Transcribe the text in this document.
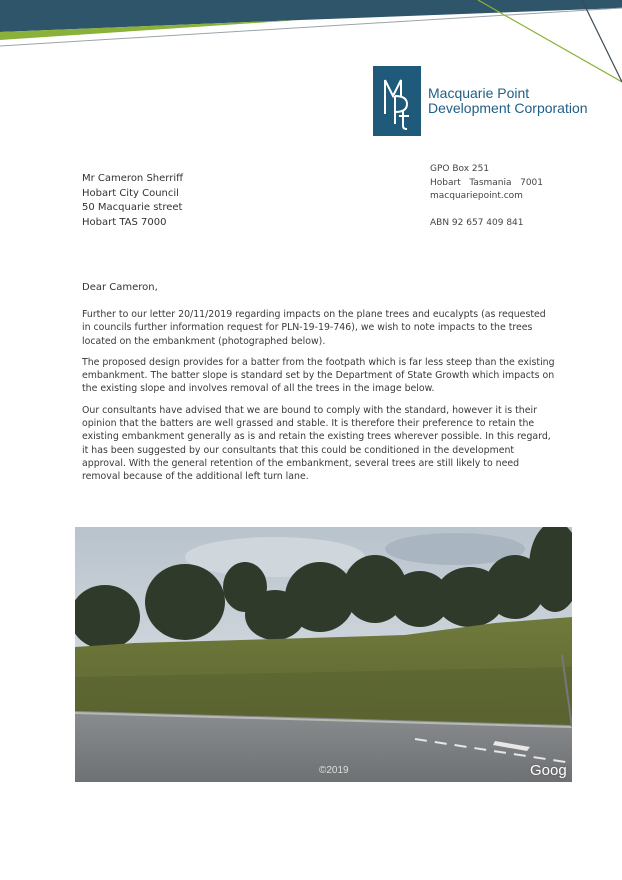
Macquarie Point
Development Corporation
GPO Box 251
Hobart   Tasmania   7001
macquariepoint.com
ABN 92 657 409 841
Mr Cameron Sherriff
Hobart City Council
50 Macquarie street
Hobart TAS 7000
Dear Cameron,

Further to our letter 20/11/2019 regarding impacts on the plane trees and eucalypts (as requested in councils further information request for PLN-19-19-746), we wish to note impacts to the trees located on the embankment (photographed below).

The proposed design provides for a batter from the footpath which is far less steep than the existing embankment. The batter slope is standard set by the Department of State Growth which impacts on the existing slope and involves removal of all the trees in the image below.

Our consultants have advised that we are bound to comply with the standard, however it is their opinion that the batters are well grassed and stable. It is therefore their preference to retain the existing embankment generally as is and retain the existing trees wherever possible. In this regard, it has been suggested by our consultants that this could be conditioned in the development approval. With the general retention of the embankment, several trees are still likely to need removal because of the additional left turn lane.

©2019	Goog
